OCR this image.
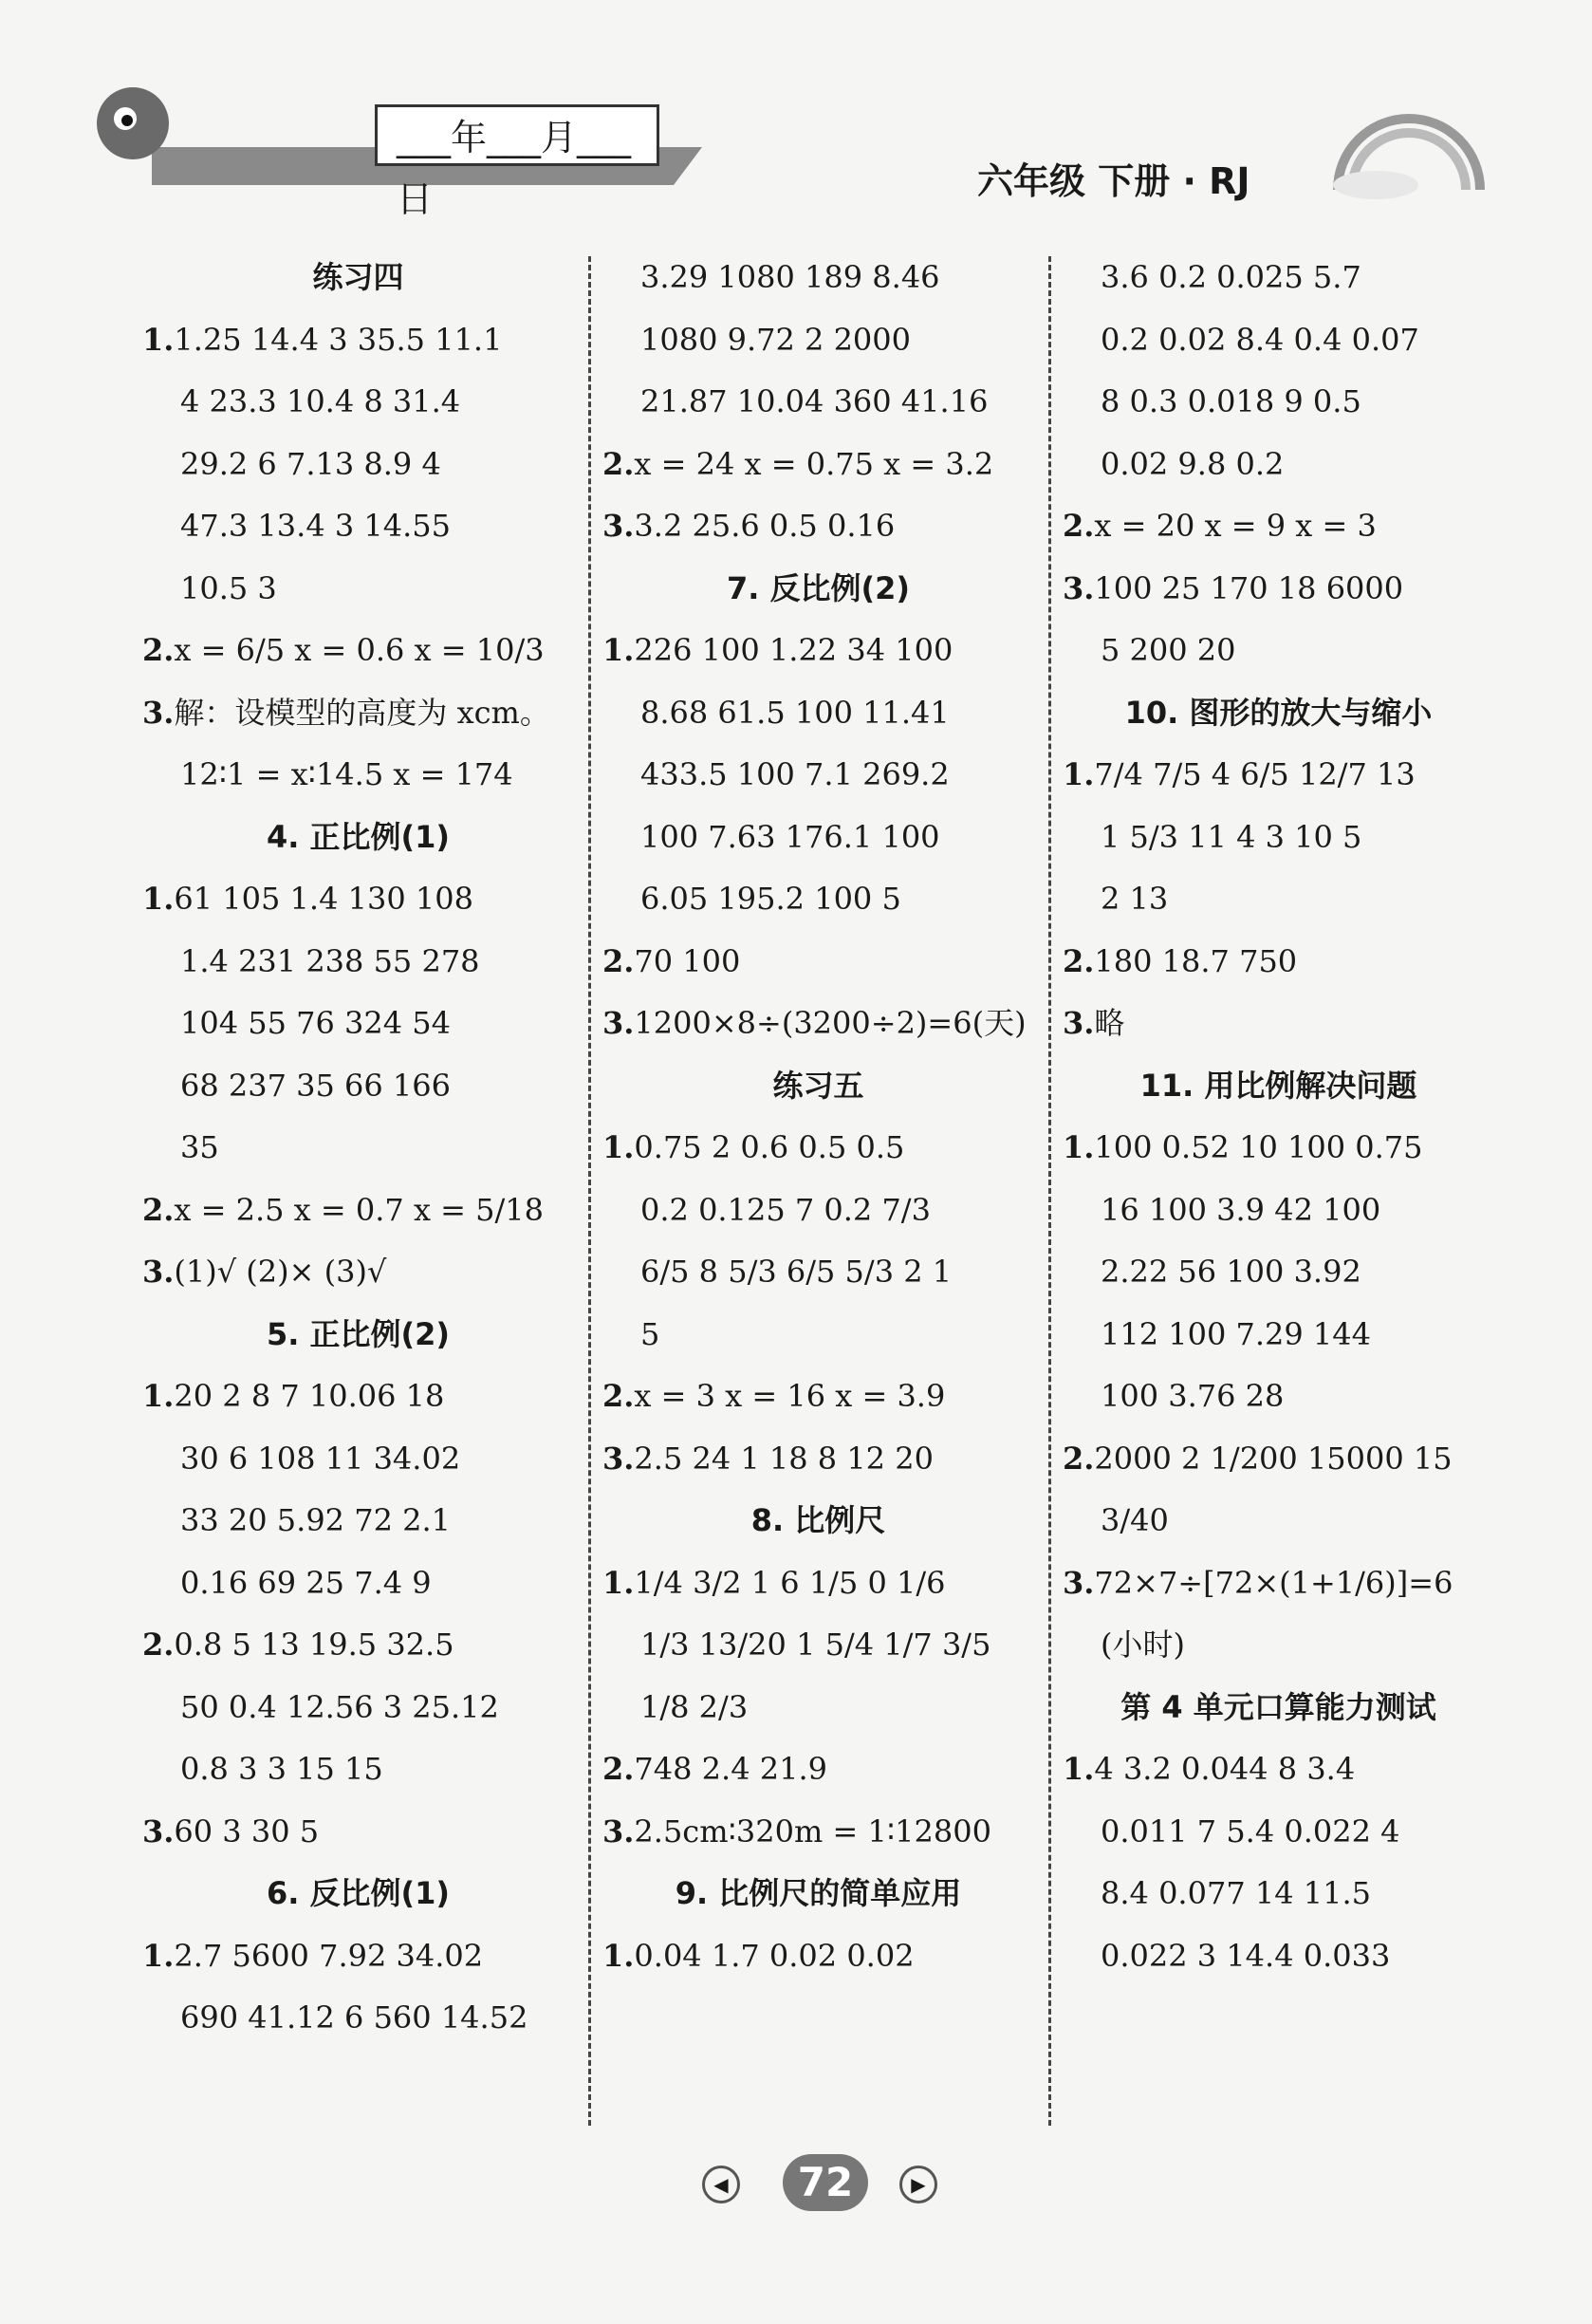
___年___月___日	六年级 下册 · RJ
练习四
1.1.25 14.4 3 35.5 11.1
4 23.3 10.4 8 31.4
29.2 6 7.13 8.9 4
47.3 13.4 3 14.55
10.5 3
2.x = 6/5 x = 0.6 x = 10/3
3.解：设模型的高度为 xcm。
12∶1 = x∶14.5 x = 174
4. 正比例(1)
1.61 105 1.4 130 108
1.4 231 238 55 278
104 55 76 324 54
68 237 35 66 166
35
2.x = 2.5 x = 0.7 x = 5/18
3.(1)√ (2)× (3)√
5. 正比例(2)
1.20 2 8 7 10.06 18
30 6 108 11 34.02
33 20 5.92 72 2.1
0.16 69 25 7.4 9
2.0.8 5 13 19.5 32.5
50 0.4 12.56 3 25.12
0.8 3 3 15 15
3.60 3 30 5
6. 反比例(1)
1.2.7 5600 7.92 34.02
690 41.12 6 560 14.52
3.29 1080 189 8.46
1080 9.72 2 2000
21.87 10.04 360 41.16
2.x = 24 x = 0.75 x = 3.2
3.3.2 25.6 0.5 0.16
7. 反比例(2)
1.226 100 1.22 34 100
8.68 61.5 100 11.41
433.5 100 7.1 269.2
100 7.63 176.1 100
6.05 195.2 100 5
2.70 100
3.1200×8÷(3200÷2)=6(天)
练习五
1.0.75 2 0.6 0.5 0.5
0.2 0.125 7 0.2 7/3
6/5 8 5/3 6/5 5/3 2 1
5
2.x = 3 x = 16 x = 3.9
3.2.5 24 1 18 8 12 20
8. 比例尺
1.1/4 3/2 1 6 1/5 0 1/6
1/3 13/20 1 5/4 1/7 3/5
1/8 2/3
2.748 2.4 21.9
3.2.5cm∶320m = 1∶12800
9. 比例尺的简单应用
1.0.04 1.7 0.02 0.02
3.6 0.2 0.025 5.7
0.2 0.02 8.4 0.4 0.07
8 0.3 0.018 9 0.5
0.02 9.8 0.2
2.x = 20 x = 9 x = 3
3.100 25 170 18 6000
5 200 20
10. 图形的放大与缩小
1.7/4 7/5 4 6/5 12/7 13
1 5/3 11 4 3 10 5
2 13
2.180 18.7 750
3.略
11. 用比例解决问题
1.100 0.52 10 100 0.75
16 100 3.9 42 100
2.22 56 100 3.92
112 100 7.29 144
100 3.76 28
2.2000 2 1/200 15000 15
3/40
3.72×7÷[72×(1+1/6)]=6
(小时)
第 4 单元口算能力测试
1.4 3.2 0.044 8 3.4
0.011 7 5.4 0.022 4
8.4 0.077 14 11.5
0.022 3 14.4 0.033
◀	72	▶
